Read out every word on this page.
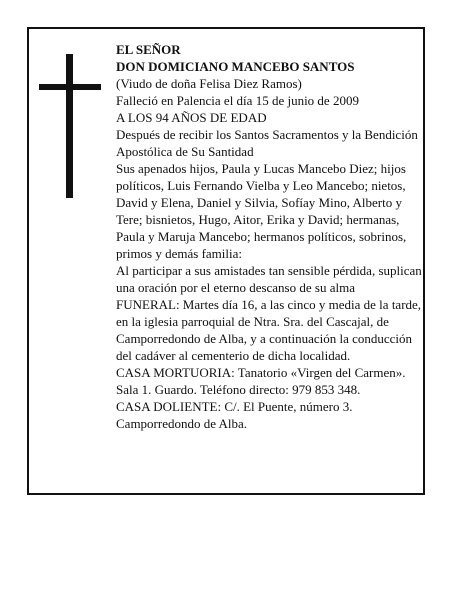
EL SEÑOR

DON DOMICIANO MANCEBO SANTOS

(Viudo de doña Felisa Diez Ramos)

Falleció en Palencia el día 15 de junio de 2009

A LOS 94 AÑOS DE EDAD

Después de recibir los Santos Sacramentos y la Bendición Apostólica de Su Santidad

Sus apenados hijos, Paula y Lucas Mancebo Diez; hijos políticos, Luis Fernando Vielba y Leo Mancebo; nietos, David y Elena, Daniel y Silvia, Sofíay Mino, Alberto y Tere; bisnietos, Hugo, Aitor, Erika y David; hermanas, Paula y Maruja Mancebo; hermanos políticos, sobrinos, primos y demás familia:

Al participar a sus amistades tan sensible pérdida, suplican una oración por el eterno descanso de su alma

FUNERAL: Martes día 16, a las cinco y media de la tarde, en la iglesia parroquial de Ntra. Sra. del Cascajal, de Camporredondo de Alba, y a continuación la conducción del cadáver al cementerio de dicha localidad.

CASA MORTUORIA: Tanatorio «Virgen del Carmen». Sala 1. Guardo. Teléfono directo: 979 853 348.

CASA DOLIENTE: C/. El Puente, número 3. Camporredondo de Alba.
